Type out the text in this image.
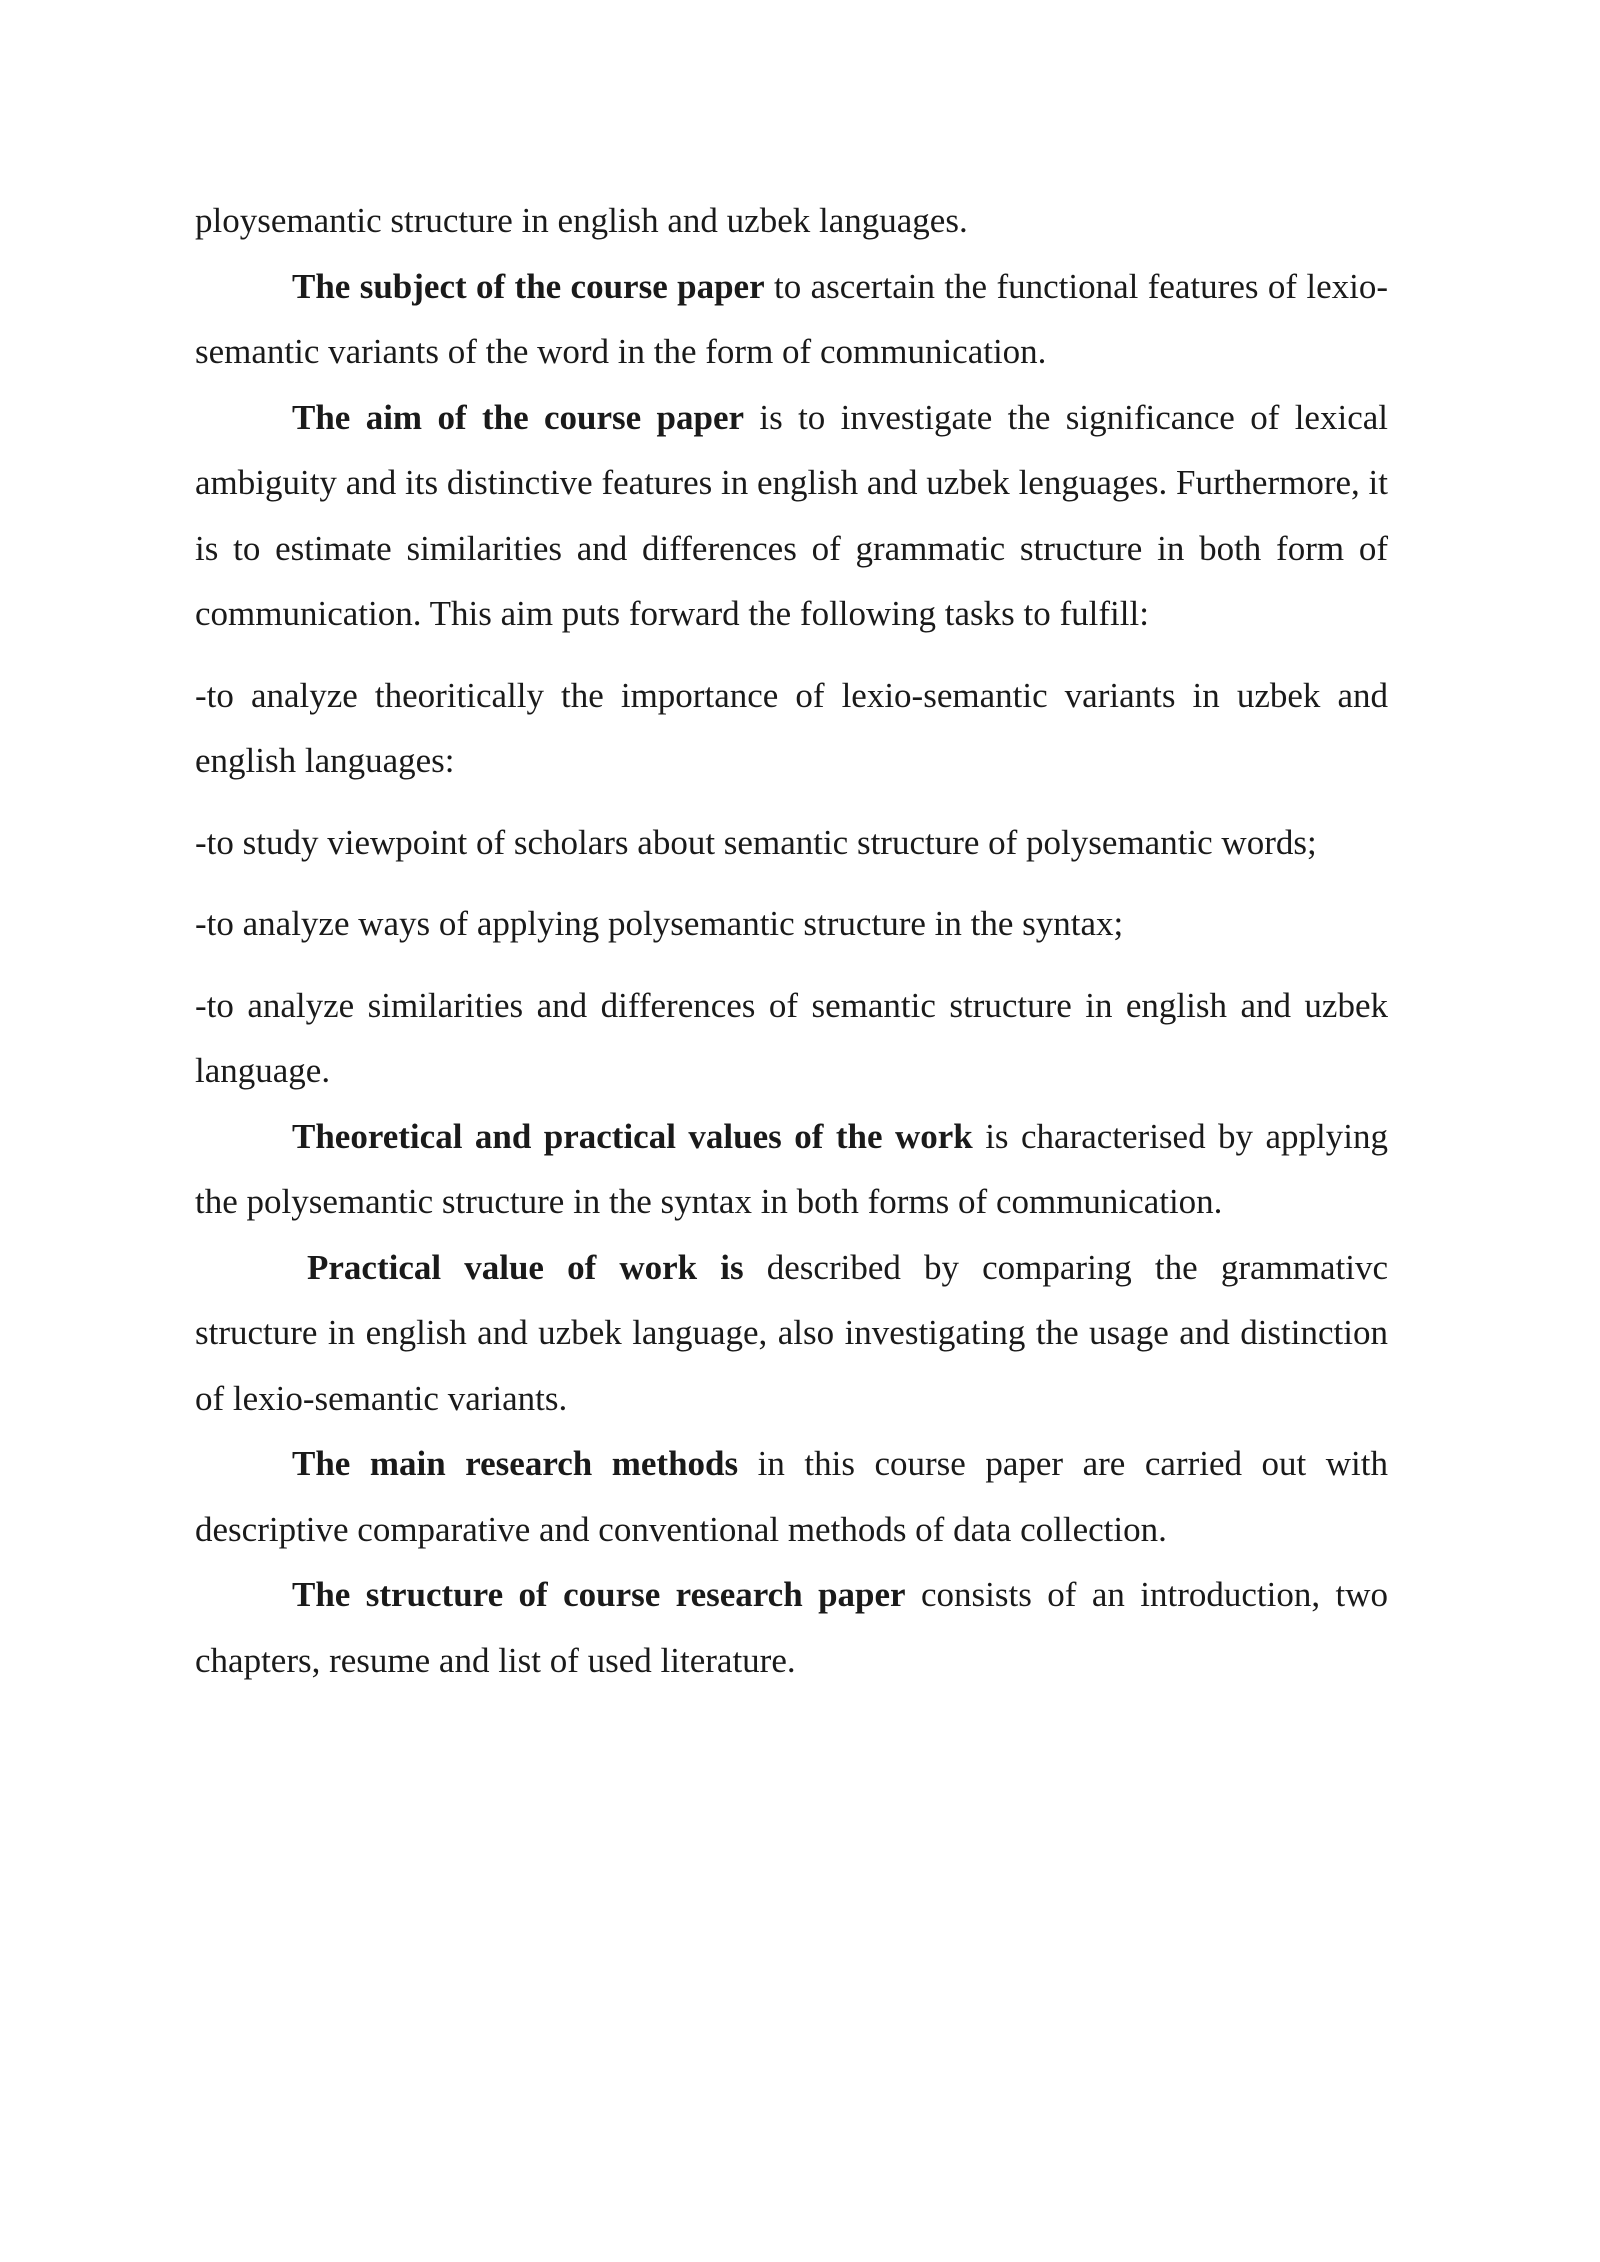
ploysemantic structure in english and uzbek languages.

The subject of the course paper to ascertain the functional features of lexio-semantic variants of the word in the form of communication.

The aim of the course paper is to investigate the significance of lexical ambiguity and its distinctive features in english and uzbek lenguages. Furthermore, it is to estimate similarities and differences of grammatic structure in both form of communication. This aim puts forward the following tasks to fulfill:

-to analyze theoritically the importance of lexio-semantic variants in uzbek and english languages:

-to study viewpoint of scholars about semantic structure of polysemantic words;

-to analyze ways of applying polysemantic structure in the syntax;

-to analyze similarities and differences of semantic structure in english and uzbek language.

Theoretical and practical values of the work is characterised by applying the polysemantic structure in the syntax in both forms of communication.

Practical value of work is described by comparing the grammativc structure in english and uzbek language, also investigating the usage and distinction of lexio-semantic variants.

The main research methods in this course paper are carried out with descriptive comparative and conventional methods of data collection.

The structure of course research paper consists of an introduction, two chapters, resume and list of used literature.
